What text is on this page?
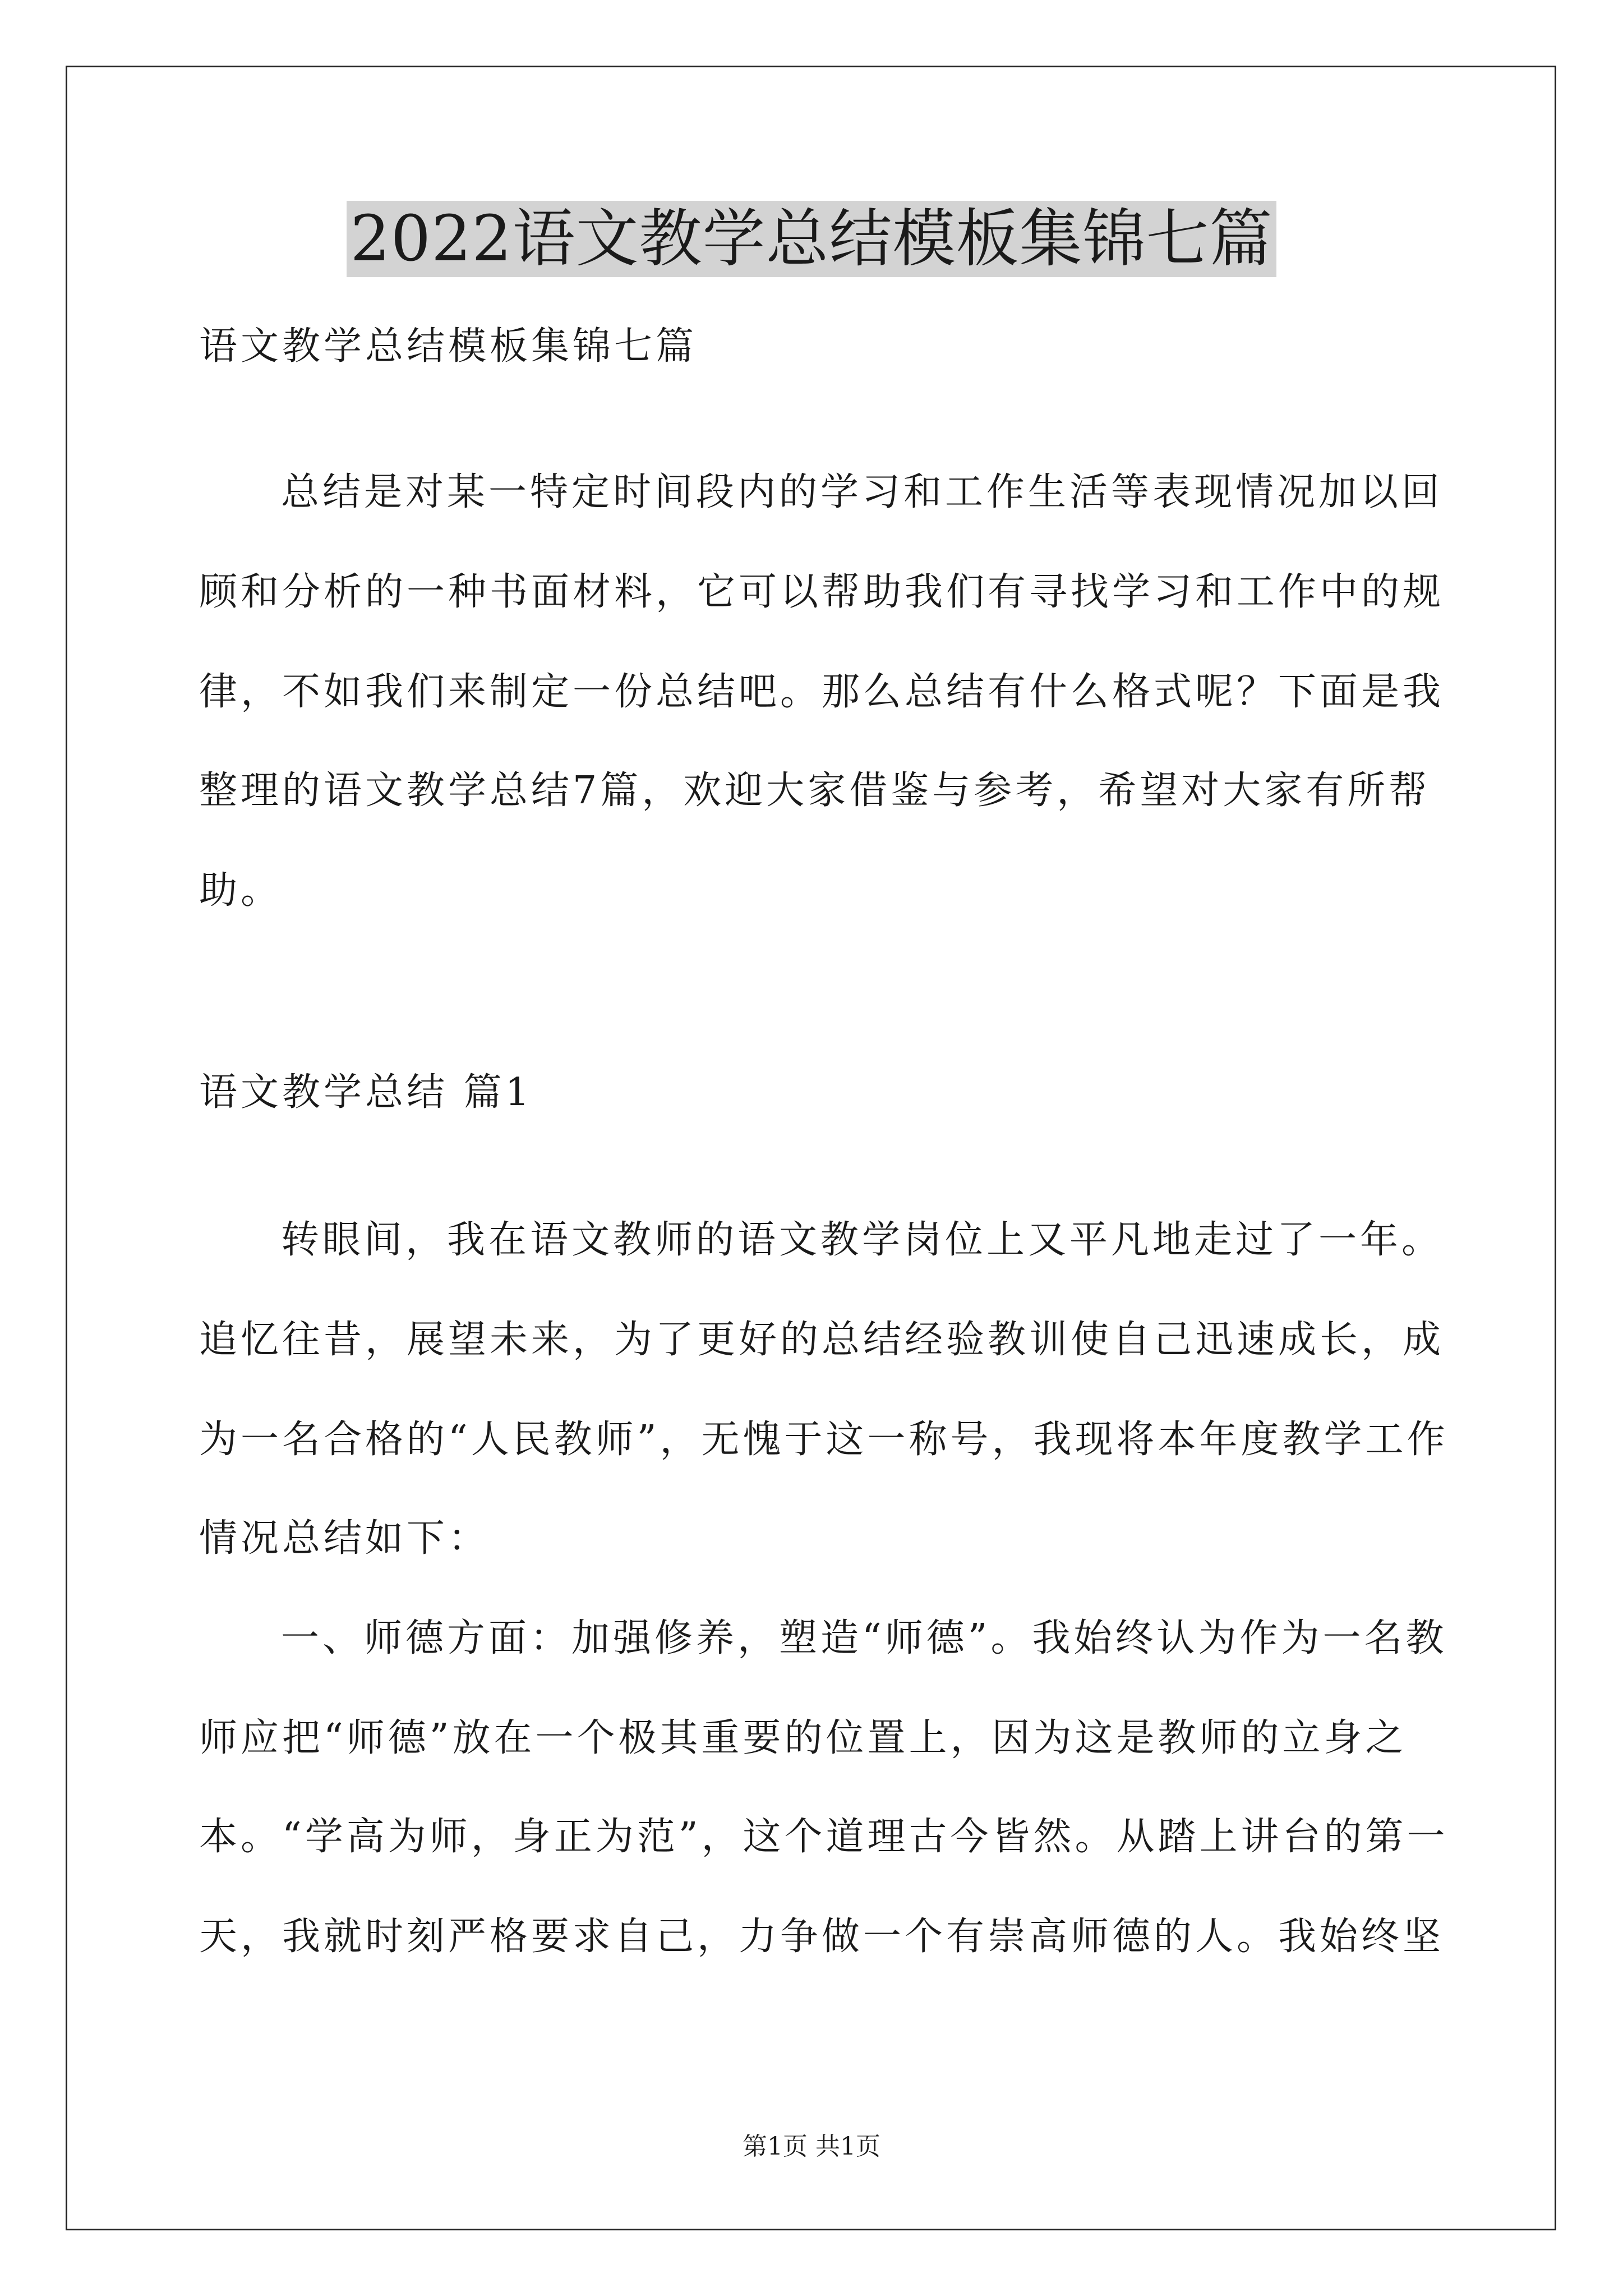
2022语文教学总结模板集锦七篇
语文教学总结模板集锦七篇
总结是对某一特定时间段内的学习和工作生活等表现情况加以回
顾和分析的一种书面材料，它可以帮助我们有寻找学习和工作中的规
律，不如我们来制定一份总结吧。那么总结有什么格式呢？下面是我
整理的语文教学总结7篇，欢迎大家借鉴与参考，希望对大家有所帮
助。
语文教学总结 篇1
转眼间，我在语文教师的语文教学岗位上又平凡地走过了一年。
追忆往昔，展望未来，为了更好的总结经验教训使自己迅速成长，成
为一名合格的“人民教师”，无愧于这一称号，我现将本年度教学工作
情况总结如下：
一、师德方面：加强修养，塑造“师德”。我始终认为作为一名教
师应把“师德”放在一个极其重要的位置上，因为这是教师的立身之
本。“学高为师，身正为范”，这个道理古今皆然。从踏上讲台的第一
天，我就时刻严格要求自己，力争做一个有崇高师德的人。我始终坚
第1页 共1页
